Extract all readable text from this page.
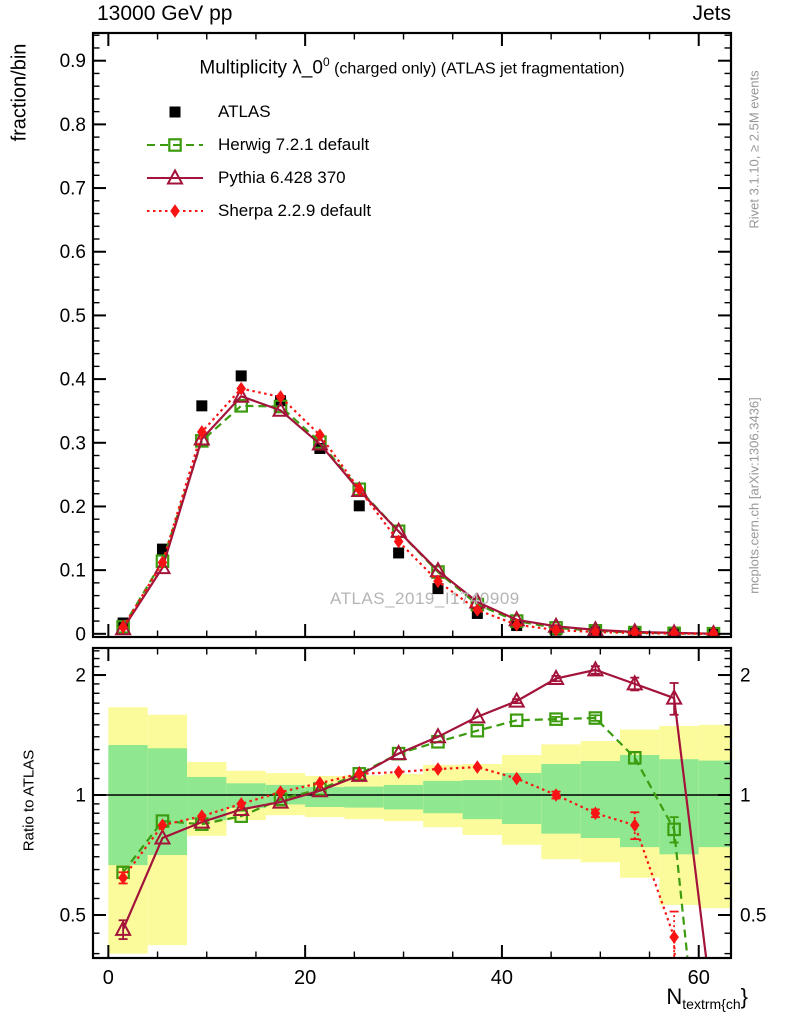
0
0.1
0.2
0.3
0.4
0.5
0.6
0.7
0.8
0.9
0.5	0.5
1	1
2	2
0	20	40	60
13000 GeV pp	Jets
fraction/bin
Ratio to ATLAS
Rivet 3.1.10, ≥ 2.5M events
mcplots.cern.ch [arXiv:1306.3436]
Multiplicity $\lambda\_0^0$ (charged only) (ATLAS jet fragmentation)
ATLAS
Herwig 7.2.1 default
Pythia 6.428 370
Sherpa 2.2.9 default
ATLAS_2019_I1740909
$N_{textrm\{ch}$}
